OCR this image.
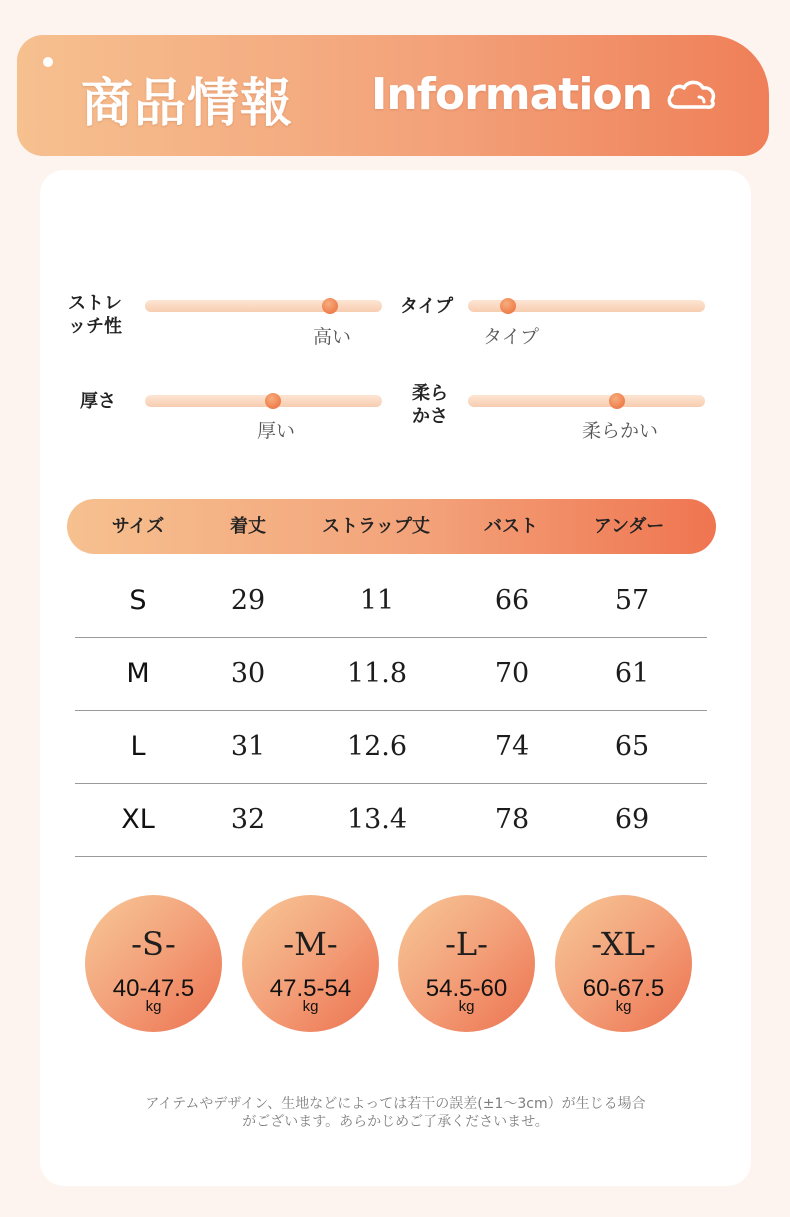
商品情報 Information
ストレ
ッチ性	高い
タイプ
タイプ
厚さ
厚い
柔ら
かさ
柔らかい
サイズ	着丈	ストラップ丈	バスト	アンダー
S	29	11	66	57
M	30	11.8	70	61
L	31	12.6	74	65
XL	32	13.4	78	69
-S-
40-47.5
kg
-M-
47.5-54
kg
-L-
54.5-60
kg
-XL-
60-67.5
kg
アイテムやデザイン、生地などによっては若干の誤差(±1〜3cm）が生じる場合
がございます。あらかじめご了承くださいませ。
